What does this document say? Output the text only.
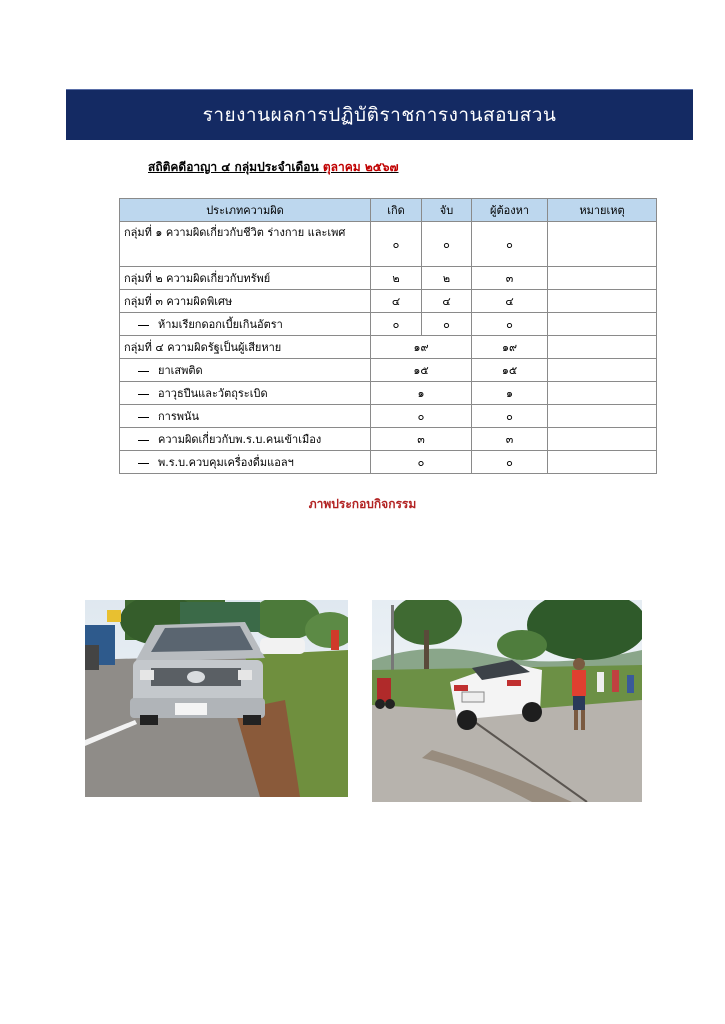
รายงานผลการปฏิบัติราชการงานสอบสวน
สถิติคดีอาญา ๔ กลุ่มประจำเดือน ตุลาคม ๒๕๖๗
ประเภทความผิด	เกิด	จับ	ผู้ต้องหา	หมายเหตุ
กลุ่มที่ ๑ ความผิดเกี่ยวกับชีวิต ร่างกาย และเพศ	๐	๐	๐	
กลุ่มที่ ๒ ความผิดเกี่ยวกับทรัพย์	๒	๒	๓	
กลุ่มที่ ๓ ความผิดพิเศษ	๔	๔	๔	
ห้ามเรียกดอกเบี้ยเกินอัตรา	๐	๐	๐	
กลุ่มที่ ๔ ความผิดรัฐเป็นผู้เสียหาย	๑๙		๑๙	
ยาเสพติด	๑๕		๑๕	
อาวุธปืนและวัตถุระเบิด	๑		๑	
การพนัน	๐		๐	
ความผิดเกี่ยวกับพ.ร.บ.คนเข้าเมือง	๓		๓	
พ.ร.บ.ควบคุมเครื่องดื่มแอลฯ	๐		๐	
ภาพประกอบกิจกรรม
